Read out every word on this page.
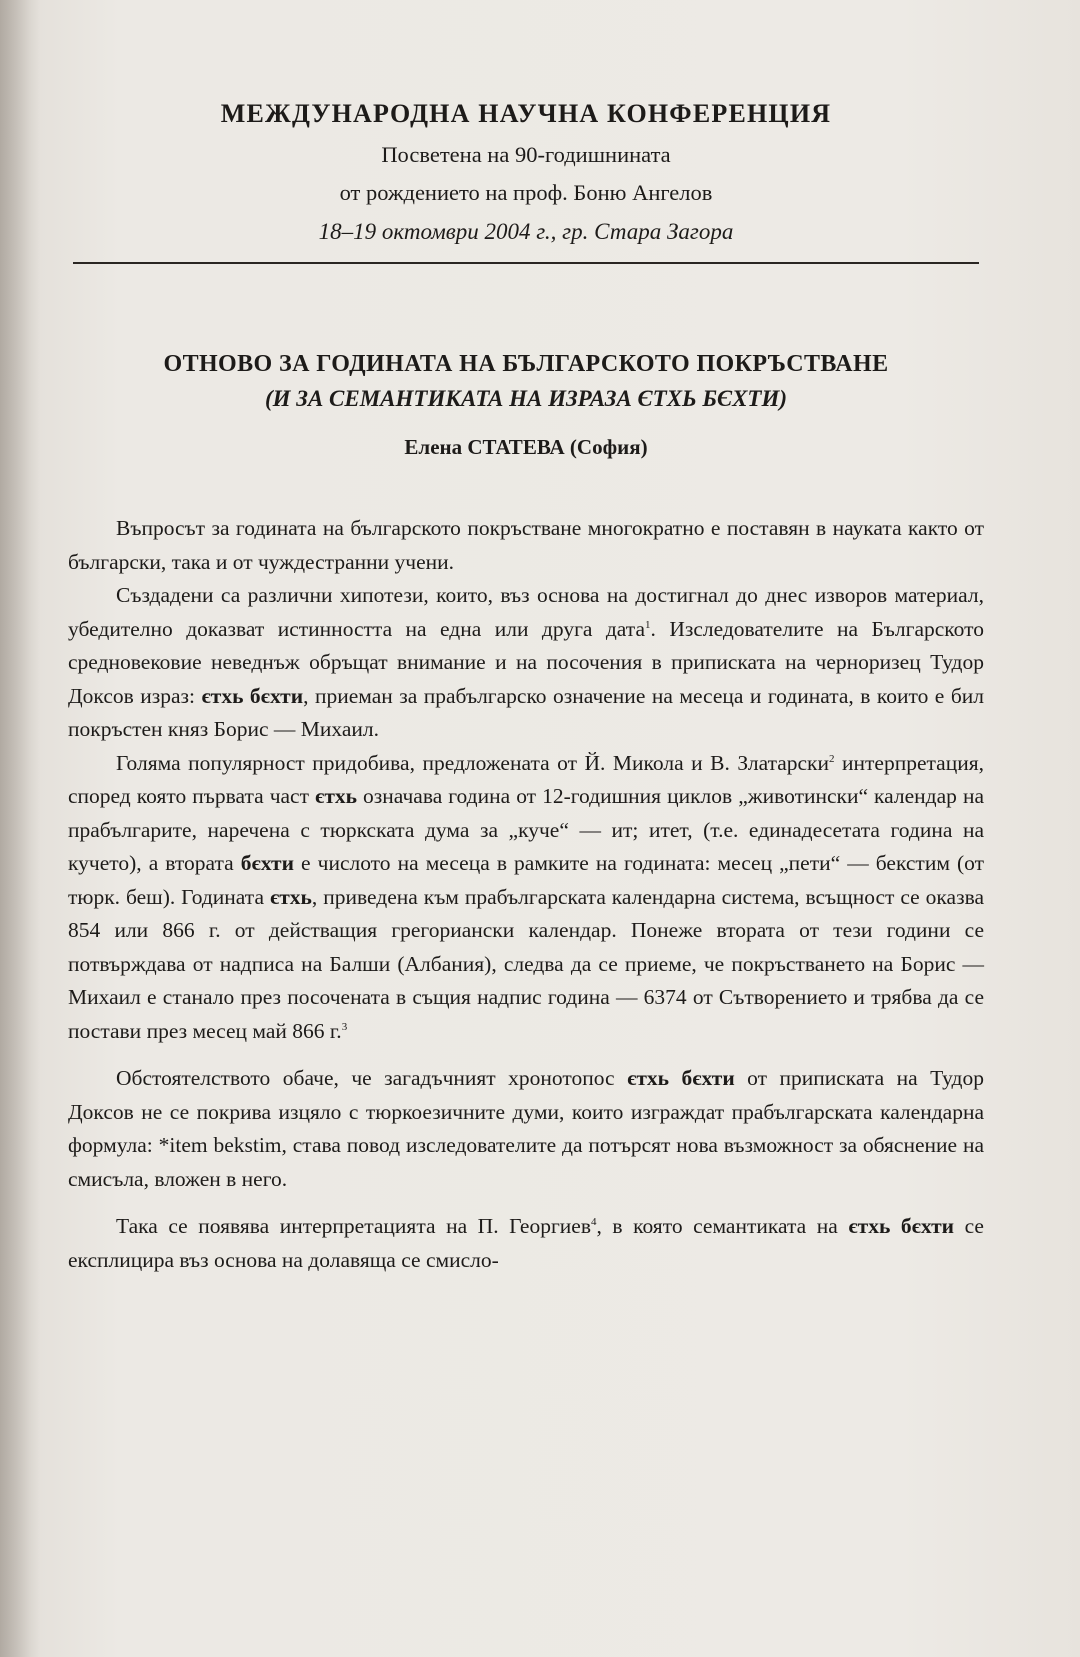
МЕЖДУНАРОДНА НАУЧНА КОНФЕРЕНЦИЯ
Посветена на 90-годишнината
от рождението на проф. Боню Ангелов
18–19 октомври 2004 г., гр. Стара Загора
ОТНОВО ЗА ГОДИНАТА НА БЪЛГАРСКОТО ПОКРЪСТВАНЕ
(И ЗА СЕМАНТИКАТА НА ИЗРАЗА ЄТХЬ БЄХТИ)
Елена СТАТЕВА (София)

Въпросът за годината на българското покръстване многократно е поставян в науката както от български, така и от чуждестранни учени.

Създадени са различни хипотези, които, въз основа на достигнал до днес изворов материал, убедително доказват истинността на една или друга дата$^1$. Изследователите на Българското средновековие неведнъж обръщат внимание и на посочения в приписката на черноризец Тудор Доксов израз: єтхь бєхти, приеман за прабългарско означение на месеца и годината, в които е бил покръстен княз Борис — Михаил.

Голяма популярност придобива, предложената от Й. Микола и В. Златарски$^2$ интерпретация, според която първата част єтхь означава година от 12-годишния циклов „животински“ календар на прабългарите, наречена с тюркската дума за „куче“ — ит; итет, (т.е. единадесетата година на кучето), а втората бєхти е числото на месеца в рамките на годината: месец „пети“ — бекстим (от тюрк. беш). Годината єтхь, приведена към прабългарската календарна система, всъщност се оказва 854 или 866 г. от действащия грегориански календар. Понеже втората от тези години се потвърждава от надписа на Балши (Албания), следва да се приеме, че покръстването на Борис — Михаил е станало през посочената в същия надпис година — 6374 от Сътворението и трябва да се постави през месец май 866 г.$^3$

Обстоятелството обаче, че загадъчният хронотопос єтхь бєхти от приписката на Тудор Доксов не се покрива изцяло с тюркоезичните думи, които изграждат прабългарската календарна формула: *item bekstim, става повод изследователите да потърсят нова възможност за обяснение на смисъла, вложен в него.

Така се появява интерпретацията на П. Георгиев$^4$, в която семантиката на єтхь бєхти се експлицира въз основа на долавяща се смисло-
